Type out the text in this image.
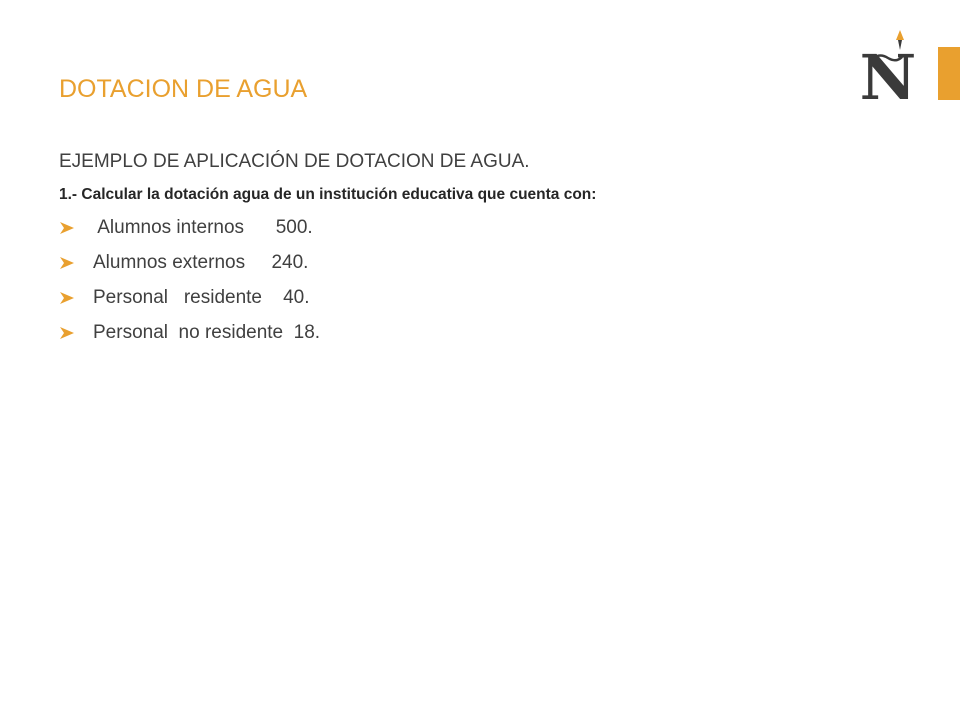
DOTACION DE AGUA	N
EJEMPLO DE APLICACIÓN DE DOTACION DE AGUA.
1.- Calcular la dotación agua de un institución educativa que cuenta con:
Alumnos internos      500.
Alumnos externos     240.
Personal   residente    40.
Personal  no residente  18.
